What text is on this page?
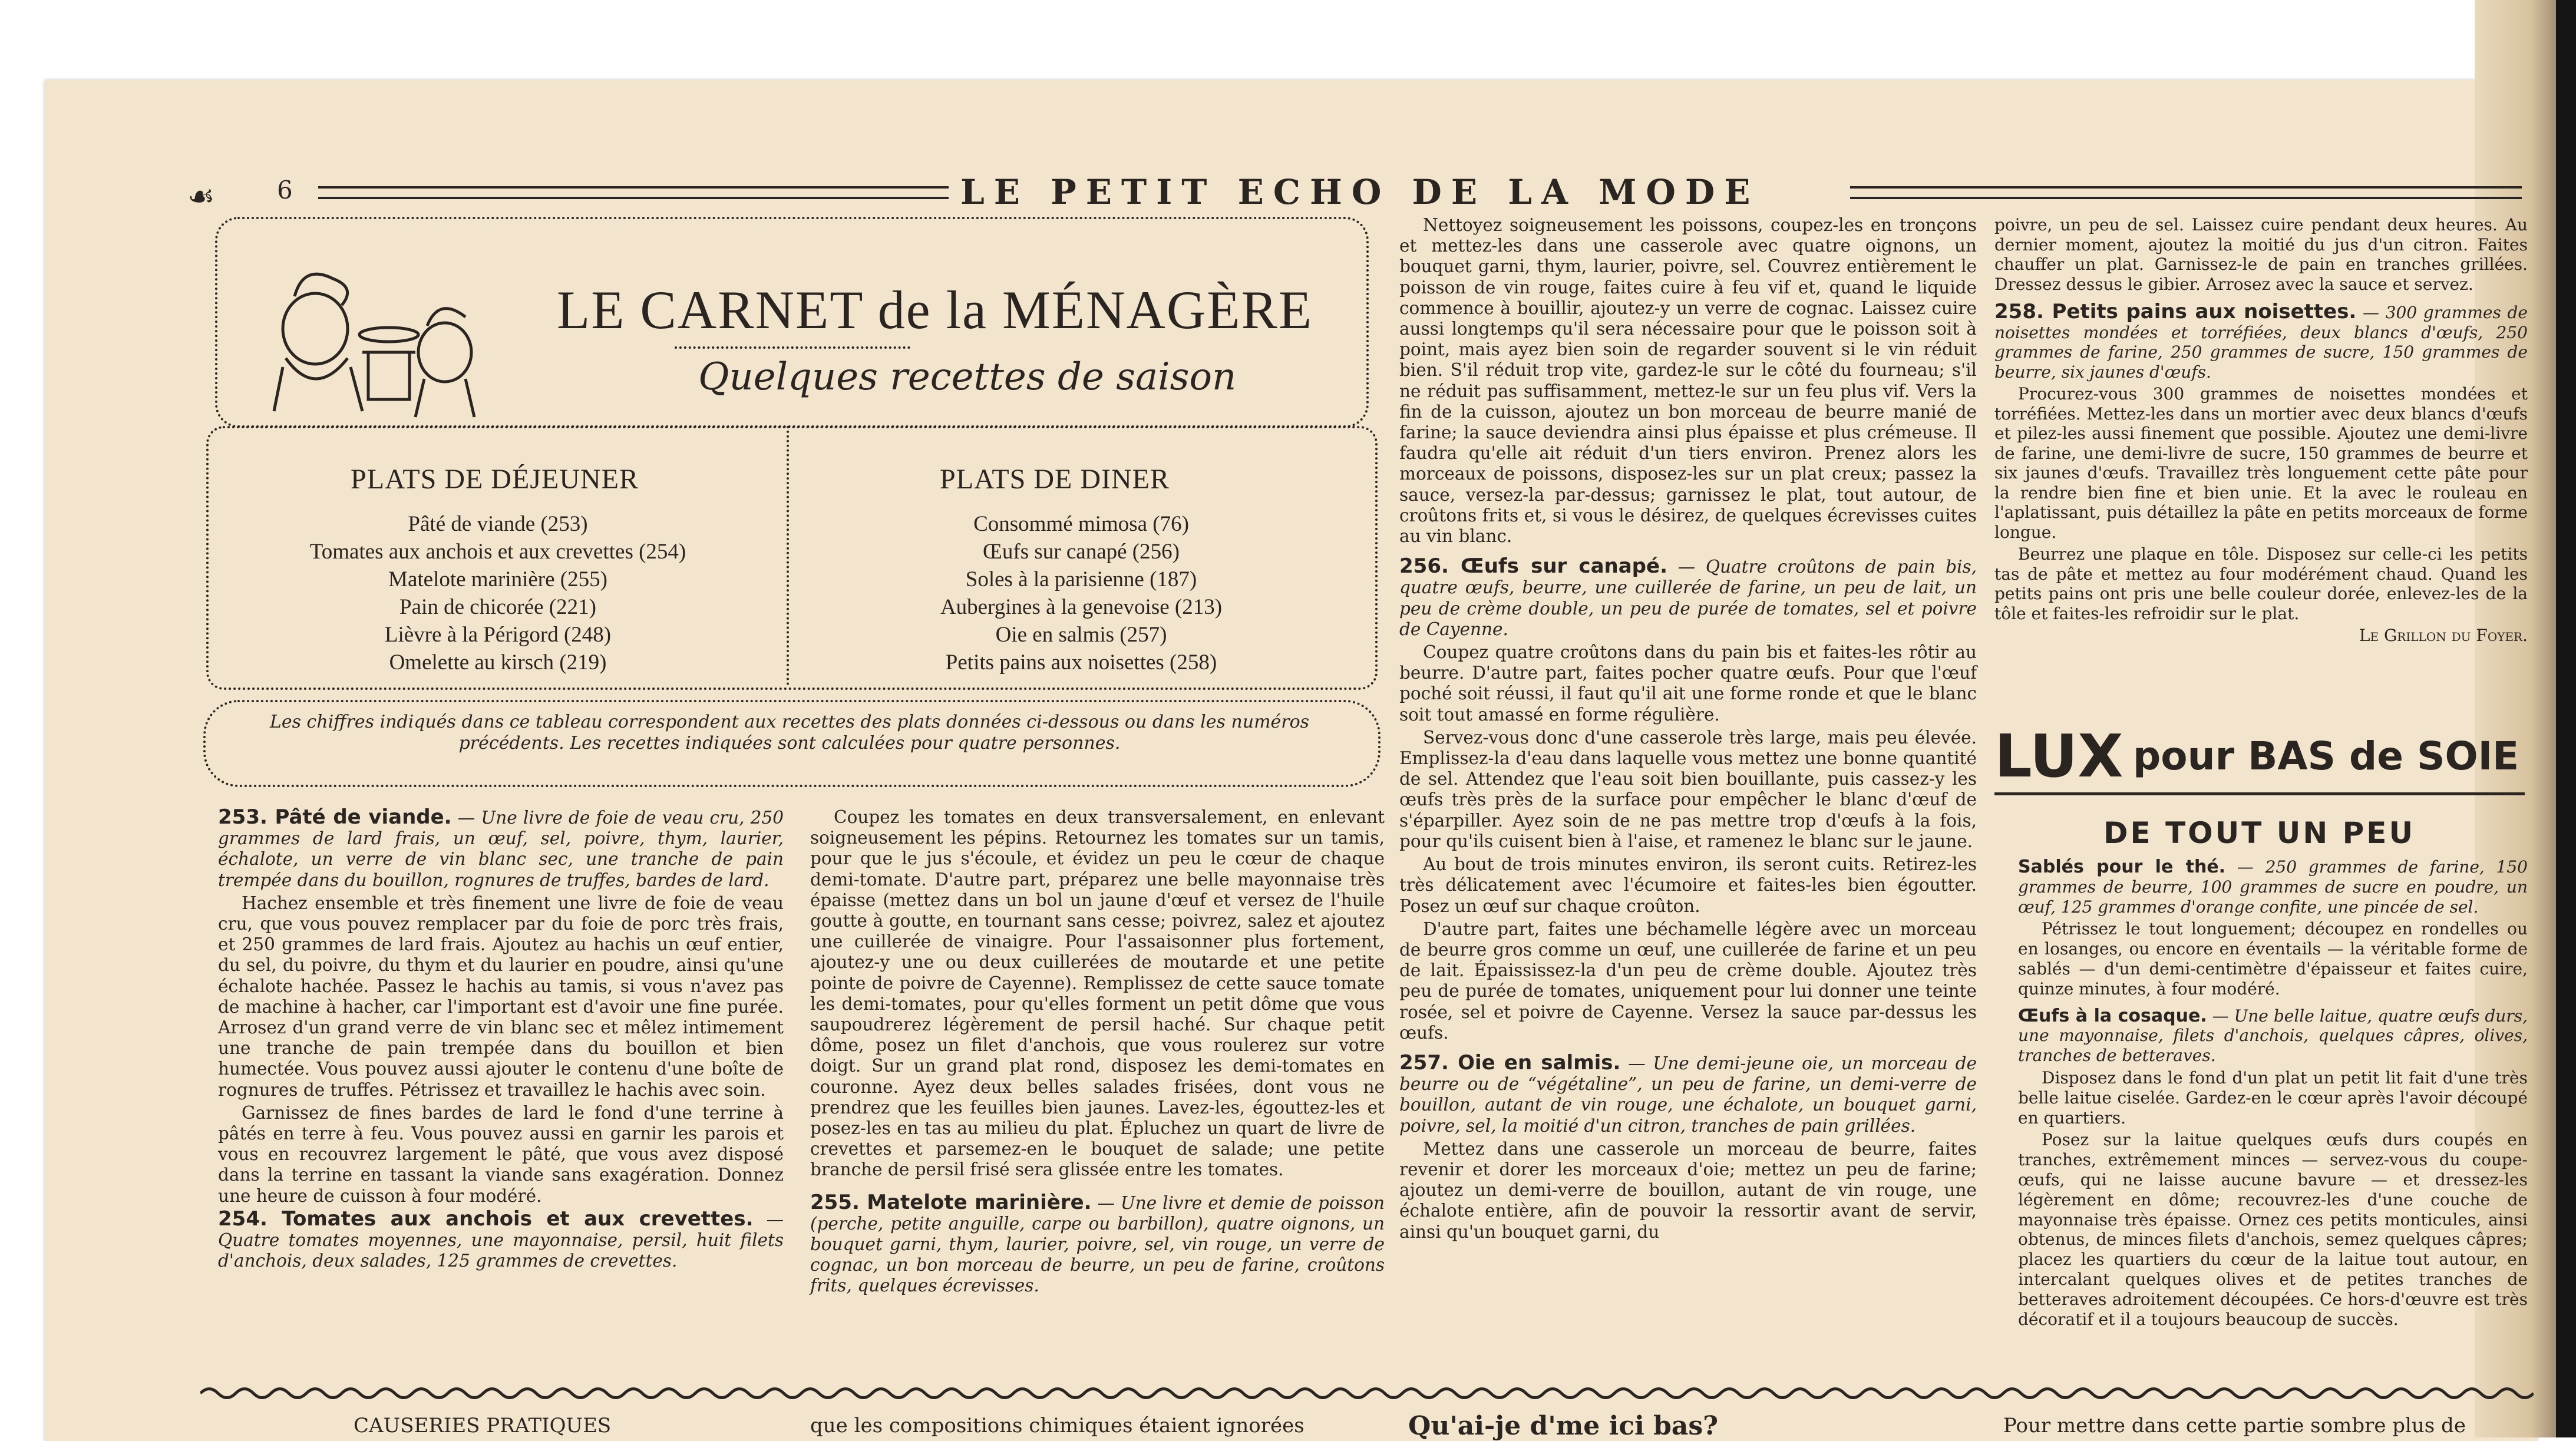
☙	6	LE PETIT ECHO DE LA MODE
LE CARNET de la MÉNAGÈRE
Quelques recettes de saison
PLATS DE DÉJEUNER
Pâté de viande (253)
Tomates aux anchois et aux crevettes (254)
Matelote marinière (255)
Pain de chicorée (221)
Lièvre à la Périgord (248)
Omelette au kirsch (219)
PLATS DE DINER
Consommé mimosa (76)
Œufs sur canapé (256)
Soles à la parisienne (187)
Aubergines à la genevoise (213)
Oie en salmis (257)
Petits pains aux noisettes (258)
Les chiffres indiqués dans ce tableau correspondent aux recettes des plats données ci-dessous ou dans les numéros précédents. Les recettes indiquées sont calculées pour quatre personnes.

253. Pâté de viande. — Une livre de foie de veau cru, 250 grammes de lard frais, un œuf, sel, poivre, thym, laurier, échalote, un verre de vin blanc sec, une tranche de pain trempée dans du bouillon, rognures de truffes, bardes de lard.

Hachez ensemble et très finement une livre de foie de veau cru, que vous pouvez remplacer par du foie de porc très frais, et 250 grammes de lard frais. Ajoutez au hachis un œuf entier, du sel, du poivre, du thym et du laurier en poudre, ainsi qu'une échalote hachée. Passez le hachis au tamis, si vous n'avez pas de machine à hacher, car l'important est d'avoir une fine purée. Arrosez d'un grand verre de vin blanc sec et mêlez intimement une tranche de pain trempée dans du bouillon et bien humectée. Vous pouvez aussi ajouter le contenu d'une boîte de rognures de truffes. Pétrissez et travaillez le hachis avec soin.

Garnissez de fines bardes de lard le fond d'une terrine à pâtés en terre à feu. Vous pouvez aussi en garnir les parois et vous en recouvrez largement le pâté, que vous avez disposé dans la terrine en tassant la viande sans exagération. Donnez une heure de cuisson à four modéré.

254. Tomates aux anchois et aux crevettes. — Quatre tomates moyennes, une mayonnaise, persil, huit filets d'anchois, deux salades, 125 grammes de crevettes.

Coupez les tomates en deux transversalement, en enlevant soigneusement les pépins. Retournez les tomates sur un tamis, pour que le jus s'écoule, et évidez un peu le cœur de chaque demi-tomate. D'autre part, préparez une belle mayonnaise très épaisse (mettez dans un bol un jaune d'œuf et versez de l'huile goutte à goutte, en tournant sans cesse; poivrez, salez et ajoutez une cuillerée de vinaigre. Pour l'assaisonner plus fortement, ajoutez-y une ou deux cuillerées de moutarde et une petite pointe de poivre de Cayenne). Remplissez de cette sauce tomate les demi-tomates, pour qu'elles forment un petit dôme que vous saupoudrerez légèrement de persil haché. Sur chaque petit dôme, posez un filet d'anchois, que vous roulerez sur votre doigt. Sur un grand plat rond, disposez les demi-tomates en couronne. Ayez deux belles salades frisées, dont vous ne prendrez que les feuilles bien jaunes. Lavez-les, égouttez-les et posez-les en tas au milieu du plat. Épluchez un quart de livre de crevettes et parsemez-en le bouquet de salade; une petite branche de persil frisé sera glissée entre les tomates.

255. Matelote marinière. — Une livre et demie de poisson (perche, petite anguille, carpe ou barbillon), quatre oignons, un bouquet garni, thym, laurier, poivre, sel, vin rouge, un verre de cognac, un bon morceau de beurre, un peu de farine, croûtons frits, quelques écrevisses.

Nettoyez soigneusement les poissons, coupez-les en tronçons et mettez-les dans une casserole avec quatre oignons, un bouquet garni, thym, laurier, poivre, sel. Couvrez entièrement le poisson de vin rouge, faites cuire à feu vif et, quand le liquide commence à bouillir, ajoutez-y un verre de cognac. Laissez cuire aussi longtemps qu'il sera nécessaire pour que le poisson soit à point, mais ayez bien soin de regarder souvent si le vin réduit bien. S'il réduit trop vite, gardez-le sur le côté du fourneau; s'il ne réduit pas suffisamment, mettez-le sur un feu plus vif. Vers la fin de la cuisson, ajoutez un bon morceau de beurre manié de farine; la sauce deviendra ainsi plus épaisse et plus crémeuse. Il faudra qu'elle ait réduit d'un tiers environ. Prenez alors les morceaux de poissons, disposez-les sur un plat creux; passez la sauce, versez-la par-dessus; garnissez le plat, tout autour, de croûtons frits et, si vous le désirez, de quelques écrevisses cuites au vin blanc.

256. Œufs sur canapé. — Quatre croûtons de pain bis, quatre œufs, beurre, une cuillerée de farine, un peu de lait, un peu de crème double, un peu de purée de tomates, sel et poivre de Cayenne.

Coupez quatre croûtons dans du pain bis et faites-les rôtir au beurre. D'autre part, faites pocher quatre œufs. Pour que l'œuf poché soit réussi, il faut qu'il ait une forme ronde et que le blanc soit tout amassé en forme régulière.

Servez-vous donc d'une casserole très large, mais peu élevée. Emplissez-la d'eau dans laquelle vous mettez une bonne quantité de sel. Attendez que l'eau soit bien bouillante, puis cassez-y les œufs très près de la surface pour empêcher le blanc d'œuf de s'éparpiller. Ayez soin de ne pas mettre trop d'œufs à la fois, pour qu'ils cuisent bien à l'aise, et ramenez le blanc sur le jaune.

Au bout de trois minutes environ, ils seront cuits. Retirez-les très délicatement avec l'écumoire et faites-les bien égoutter. Posez un œuf sur chaque croûton.

D'autre part, faites une béchamelle légère avec un morceau de beurre gros comme un œuf, une cuillerée de farine et un peu de lait. Épaississez-la d'un peu de crème double. Ajoutez très peu de purée de tomates, uniquement pour lui donner une teinte rosée, sel et poivre de Cayenne. Versez la sauce par-dessus les œufs.

257. Oie en salmis. — Une demi-jeune oie, un morceau de beurre ou de “végétaline”, un peu de farine, un demi-verre de bouillon, autant de vin rouge, une échalote, un bouquet garni, poivre, sel, la moitié d'un citron, tranches de pain grillées.

Mettez dans une casserole un morceau de beurre, faites revenir et dorer les morceaux d'oie; mettez un peu de farine; ajoutez un demi-verre de bouillon, autant de vin rouge, une échalote entière, afin de pouvoir la ressortir avant de servir, ainsi qu'un bouquet garni, du

poivre, un peu de sel. Laissez cuire pendant deux heures. Au dernier moment, ajoutez la moitié du jus d'un citron. Faites chauffer un plat. Garnissez-le de pain en tranches grillées. Dressez dessus le gibier. Arrosez avec la sauce et servez.

258. Petits pains aux noisettes. — 300 grammes de noisettes mondées et torréfiées, deux blancs d'œufs, 250 grammes de farine, 250 grammes de sucre, 150 grammes de beurre, six jaunes d'œufs.

Procurez-vous 300 grammes de noisettes mondées et torréfiées. Mettez-les dans un mortier avec deux blancs d'œufs et pilez-les aussi finement que possible. Ajoutez une demi-livre de farine, une demi-livre de sucre, 150 grammes de beurre et six jaunes d'œufs. Travaillez très longuement cette pâte pour la rendre bien fine et bien unie. Et la avec le rouleau en l'aplatissant, puis détaillez la pâte en petits morceaux de forme longue.

Beurrez une plaque en tôle. Disposez sur celle-ci les petits tas de pâte et mettez au four modérément chaud. Quand les petits pains ont pris une belle couleur dorée, enlevez-les de la tôle et faites-les refroidir sur le plat.

Le Grillon du Foyer.

LUX pour BAS de SOIE
DE TOUT UN PEU

Sablés pour le thé. — 250 grammes de farine, 150 grammes de beurre, 100 grammes de sucre en poudre, un œuf, 125 grammes d'orange confite, une pincée de sel.

Pétrissez le tout longuement; découpez en rondelles ou en losanges, ou encore en éventails — la véritable forme de sablés — d'un demi-centimètre d'épaisseur et faites cuire, quinze minutes, à four modéré.

Œufs à la cosaque. — Une belle laitue, quatre œufs durs, une mayonnaise, filets d'anchois, quelques câpres, olives, tranches de betteraves.

Disposez dans le fond d'un plat un petit lit fait d'une très belle laitue ciselée. Gardez-en le cœur après l'avoir découpé en quartiers.

Posez sur la laitue quelques œufs durs coupés en tranches, extrêmement minces — servez-vous du coupe-œufs, qui ne laisse aucune bavure — et dressez-les légèrement en dôme; recouvrez-les d'une couche de mayonnaise très épaisse. Ornez ces petits monticules, ainsi obtenus, de minces filets d'anchois, semez quelques câpres; placez les quartiers du cœur de la laitue tout autour, en intercalant quelques olives et de petites tranches de betteraves adroitement découpées. Ce hors-d'œuvre est très décoratif et il a toujours beaucoup de succès.

CAUSERIES PRATIQUES	que les compositions chimiques étaient ignorées	Qu'ai-je d'me ici bas?	Pour mettre dans cette partie sombre plus de
